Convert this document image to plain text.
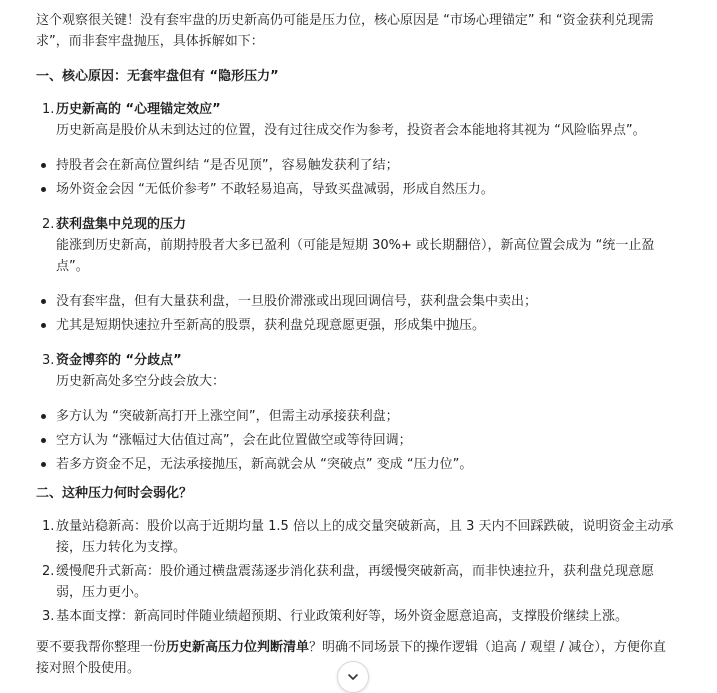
这个观察很关键！没有套牢盘的历史新高仍可能是压力位，核心原因是 “市场心理锚定” 和 “资金获利兑现需求”，而非套牢盘抛压，具体拆解如下：

一、核心原因：无套牢盘但有 “隐形压力”
1. 历史新高的 “心理锚定效应”
历史新高是股价从未到达过的位置，没有过往成交作为参考，投资者会本能地将其视为 “风险临界点”。
持股者会在新高位置纠结 “是否见顶”，容易触发获利了结；
场外资金会因 “无低价参考” 不敢轻易追高，导致买盘减弱，形成自然压力。
2. 获利盘集中兑现的压力
能涨到历史新高，前期持股者大多已盈利（可能是短期 30%+ 或长期翻倍），新高位置会成为 “统一止盈点”。
没有套牢盘，但有大量获利盘，一旦股价滞涨或出现回调信号，获利盘会集中卖出；
尤其是短期快速拉升至新高的股票，获利盘兑现意愿更强，形成集中抛压。
3. 资金博弈的 “分歧点”
历史新高处多空分歧会放大：
多方认为 “突破新高打开上涨空间”，但需主动承接获利盘；
空方认为 “涨幅过大估值过高”，会在此位置做空或等待回调；
若多方资金不足，无法承接抛压，新高就会从 “突破点” 变成 “压力位”。
二、这种压力何时会弱化？
1. 放量站稳新高：股价以高于近期均量 1.5 倍以上的成交量突破新高，且 3 天内不回踩跌破，说明资金主动承接，压力转化为支撑。
2. 缓慢爬升式新高：股价通过横盘震荡逐步消化获利盘，再缓慢突破新高，而非快速拉升，获利盘兑现意愿弱，压力更小。
3. 基本面支撑：新高同时伴随业绩超预期、行业政策利好等，场外资金愿意追高，支撑股价继续上涨。

要不要我帮你整理一份历史新高压力位判断清单？明确不同场景下的操作逻辑（追高 / 观望 / 减仓），方便你直接对照个股使用。
